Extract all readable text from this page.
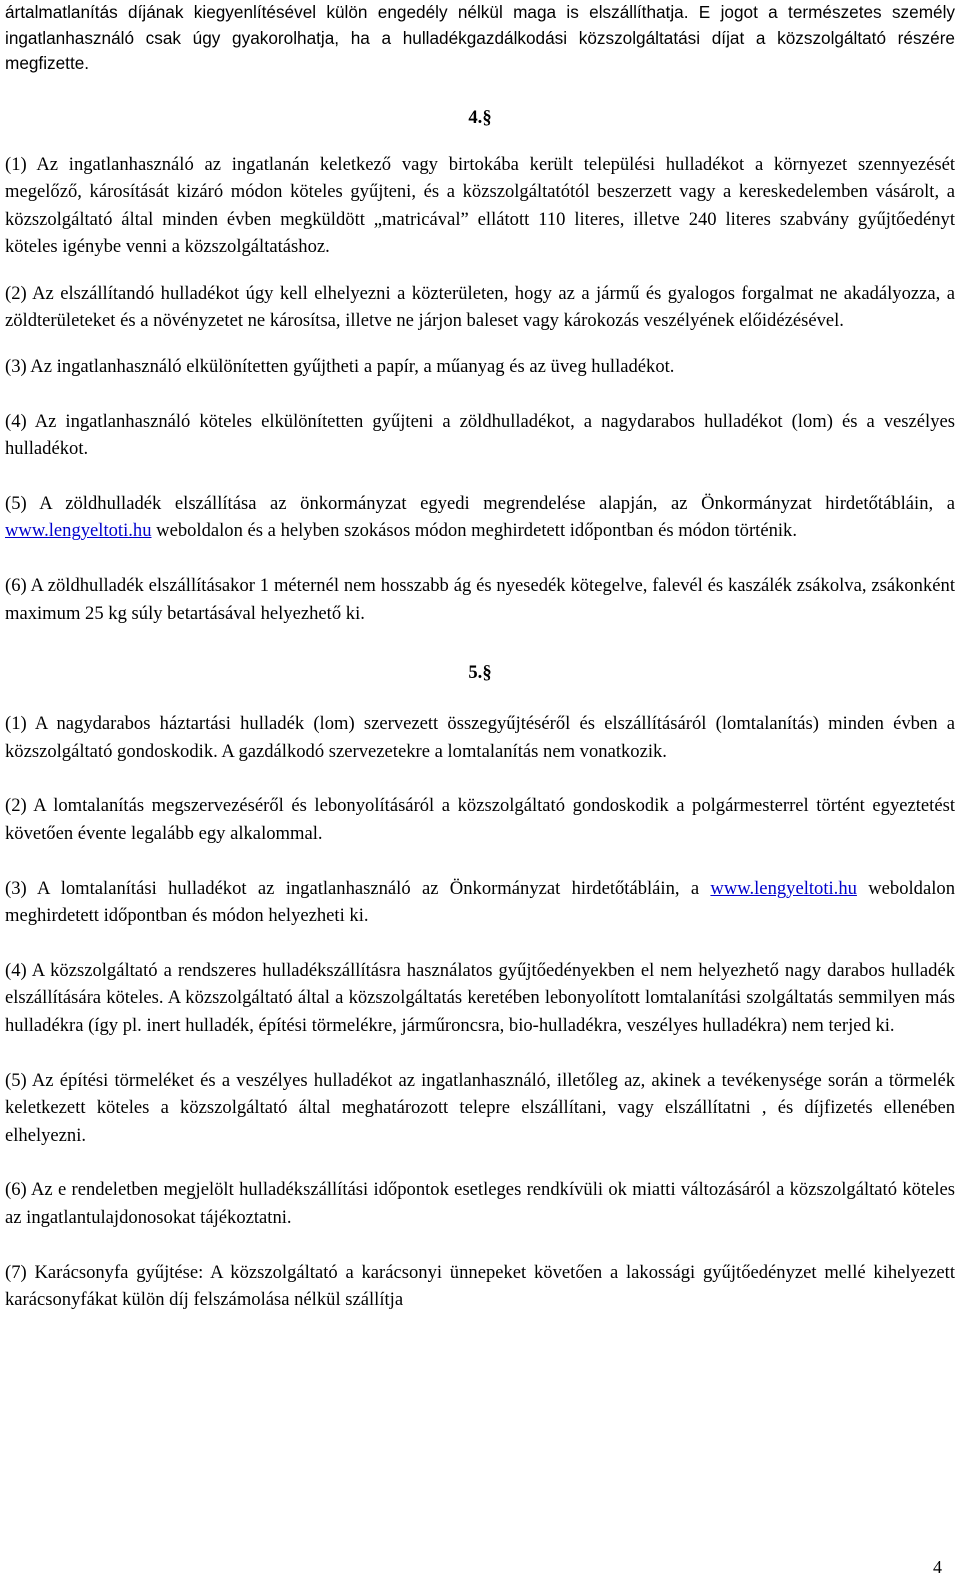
ártalmatlanítás díjának kiegyenlítésével külön engedély nélkül maga is elszállíthatja. E jogot a természetes személy ingatlanhasználó csak úgy gyakorolhatja, ha a hulladékgazdálkodási közszolgáltatási díjat a közszolgáltató részére megfizette.

4.§

(1) Az ingatlanhasználó az ingatlanán keletkező vagy birtokába került települési hulladékot a környezet szennyezését megelőző, károsítását kizáró módon köteles gyűjteni, és a közszolgáltatótól beszerzett vagy a kereskedelemben vásárolt, a közszolgáltató által minden évben megküldött „matricával” ellátott 110 literes, illetve 240 literes szabvány gyűjtőedényt köteles igénybe venni a közszolgáltatáshoz.

(2) Az elszállítandó hulladékot úgy kell elhelyezni a közterületen, hogy az a jármű és gyalogos forgalmat ne akadályozza, a zöldterületeket és a növényzetet ne károsítsa, illetve ne járjon baleset vagy károkozás veszélyének előidézésével.

(3) Az ingatlanhasználó elkülönítetten gyűjtheti a papír, a műanyag és az üveg hulladékot.

(4) Az ingatlanhasználó köteles elkülönítetten gyűjteni a zöldhulladékot, a nagydarabos hulladékot (lom) és a veszélyes hulladékot.

(5) A zöldhulladék elszállítása az önkormányzat egyedi megrendelése alapján, az Önkormányzat hirdetőtábláin, a www.lengyeltoti.hu weboldalon és a helyben szokásos módon meghirdetett időpontban és módon történik.

(6) A zöldhulladék elszállításakor 1 méternél nem hosszabb ág és nyesedék kötegelve, falevél és kaszálék zsákolva, zsákonként maximum 25 kg súly betartásával helyezhető ki.

5.§

(1) A nagydarabos háztartási hulladék (lom) szervezett összegyűjtéséről és elszállításáról (lomtalanítás) minden évben a közszolgáltató gondoskodik. A gazdálkodó szervezetekre a lomtalanítás nem vonatkozik.

(2) A lomtalanítás megszervezéséről és lebonyolításáról a közszolgáltató gondoskodik a polgármesterrel történt egyeztetést követően évente legalább egy alkalommal.

(3) A lomtalanítási hulladékot az ingatlanhasználó az Önkormányzat hirdetőtábláin, a www.lengyeltoti.hu weboldalon meghirdetett időpontban és módon helyezheti ki.

(4) A közszolgáltató a rendszeres hulladékszállításra használatos gyűjtőedényekben el nem helyezhető nagy darabos hulladék elszállítására köteles. A közszolgáltató által a közszolgáltatás keretében lebonyolított lomtalanítási szolgáltatás semmilyen más hulladékra (így pl. inert hulladék, építési törmelékre, járműroncsra, bio-hulladékra, veszélyes hulladékra) nem terjed ki.

(5) Az építési törmeléket és a veszélyes hulladékot az ingatlanhasználó, illetőleg az, akinek a tevékenysége során a törmelék keletkezett köteles a közszolgáltató által meghatározott telepre elszállítani, vagy elszállítatni , és díjfizetés ellenében elhelyezni.

(6) Az e rendeletben megjelölt hulladékszállítási időpontok esetleges rendkívüli ok miatti változásáról a közszolgáltató köteles az ingatlantulajdonosokat tájékoztatni.

(7) Karácsonyfa gyűjtése: A közszolgáltató a karácsonyi ünnepeket követően a lakossági gyűjtőedényzet mellé kihelyezett karácsonyfákat külön díj felszámolása nélkül szállítja

4
